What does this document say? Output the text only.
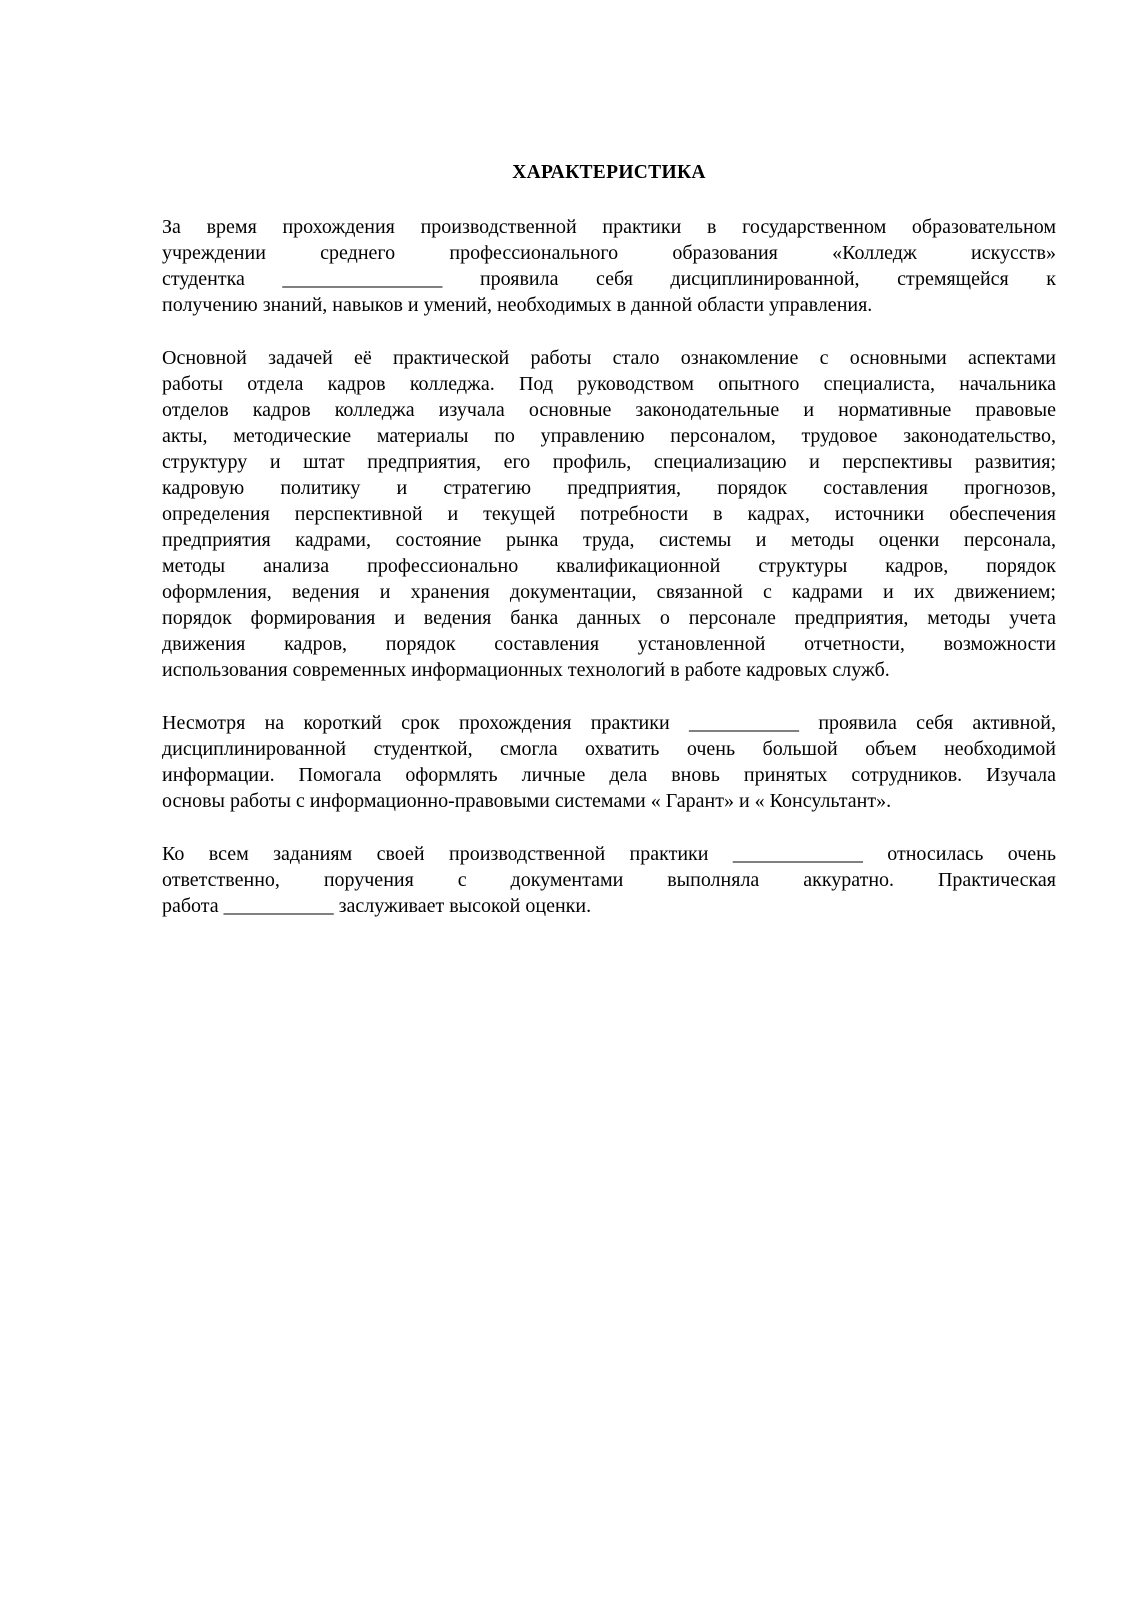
ХАРАКТЕРИСТИКА
За время прохождения производственной практики в государственном образовательном
учреждении среднего профессионального образования «Колледж искусств»
студентка ________________ проявила себя дисциплинированной, стремящейся к
получению знаний, навыков и умений, необходимых в данной области управления.
Основной задачей её практической работы стало ознакомление с основными аспектами
работы отдела кадров колледжа. Под руководством опытного специалиста, начальника
отделов кадров колледжа изучала основные законодательные и нормативные правовые
акты, методические материалы по управлению персоналом, трудовое законодательство,
структуру и штат предприятия, его профиль, специализацию и перспективы развития;
кадровую политику и стратегию предприятия, порядок составления прогнозов,
определения перспективной и текущей потребности в кадрах, источники обеспечения
предприятия кадрами, состояние рынка труда, системы и методы оценки персонала,
методы анализа профессионально квалификационной структуры кадров, порядок
оформления, ведения и хранения документации, связанной с кадрами и их движением;
порядок формирования и ведения банка данных о персонале предприятия, методы учета
движения кадров, порядок составления установленной отчетности, возможности
использования современных информационных технологий в работе кадровых служб.
Несмотря на короткий срок прохождения практики ___________ проявила себя активной,
дисциплинированной студенткой, смогла охватить очень большой объем необходимой
информации. Помогала оформлять личные дела вновь принятых сотрудников. Изучала
основы работы с информационно-правовыми системами « Гарант» и « Консультант».
Ко всем заданиям своей производственной практики _____________ относилась очень
ответственно, поручения с документами выполняла аккуратно. Практическая
работа ___________ заслуживает высокой оценки.
